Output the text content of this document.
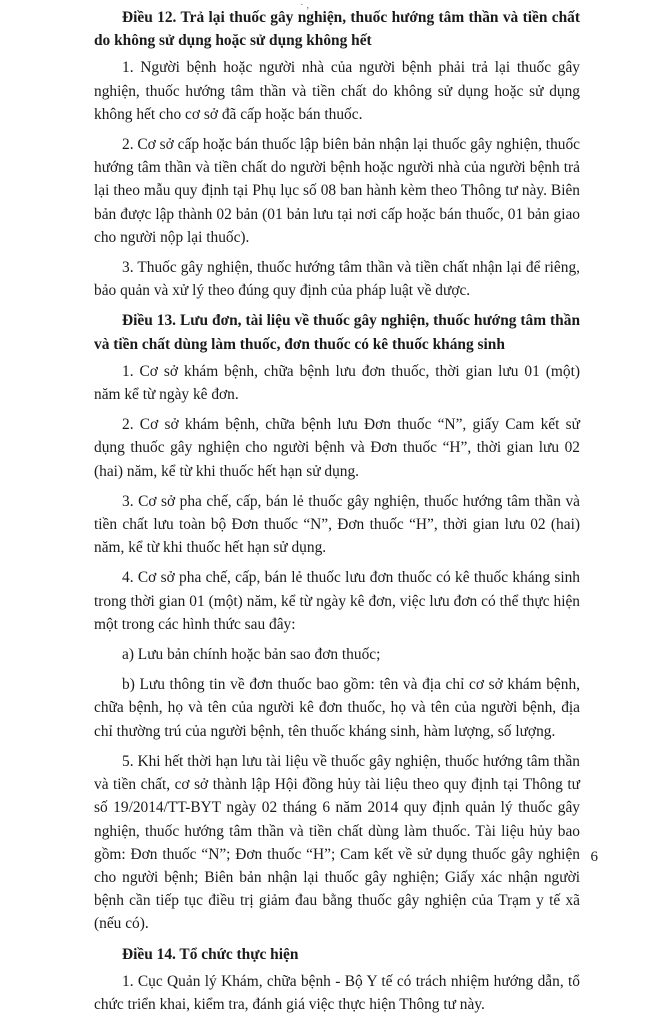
· ,
Điều 12. Trả lại thuốc gây nghiện, thuốc hướng tâm thần và tiền chất do không sử dụng hoặc sử dụng không hết

1. Người bệnh hoặc người nhà của người bệnh phải trả lại thuốc gây nghiện, thuốc hướng tâm thần và tiền chất do không sử dụng hoặc sử dụng không hết cho cơ sở đã cấp hoặc bán thuốc.

2. Cơ sở cấp hoặc bán thuốc lập biên bản nhận lại thuốc gây nghiện, thuốc hướng tâm thần và tiền chất do người bệnh hoặc người nhà của người bệnh trả lại theo mẫu quy định tại Phụ lục số 08 ban hành kèm theo Thông tư này. Biên bản được lập thành 02 bản (01 bản lưu tại nơi cấp hoặc bán thuốc, 01 bản giao cho người nộp lại thuốc).

3. Thuốc gây nghiện, thuốc hướng tâm thần và tiền chất nhận lại để riêng, bảo quản và xử lý theo đúng quy định của pháp luật về dược.

Điều 13. Lưu đơn, tài liệu về thuốc gây nghiện, thuốc hướng tâm thần và tiền chất dùng làm thuốc, đơn thuốc có kê thuốc kháng sinh

1. Cơ sở khám bệnh, chữa bệnh lưu đơn thuốc, thời gian lưu 01 (một) năm kể từ ngày kê đơn.

2. Cơ sở khám bệnh, chữa bệnh lưu Đơn thuốc “N”, giấy Cam kết sử dụng thuốc gây nghiện cho người bệnh và Đơn thuốc “H”, thời gian lưu 02 (hai) năm, kể từ khi thuốc hết hạn sử dụng.

3. Cơ sở pha chế, cấp, bán lẻ thuốc gây nghiện, thuốc hướng tâm thần và tiền chất lưu toàn bộ Đơn thuốc “N”, Đơn thuốc “H”, thời gian lưu 02 (hai) năm, kể từ khi thuốc hết hạn sử dụng.

4. Cơ sở pha chế, cấp, bán lẻ thuốc lưu đơn thuốc có kê thuốc kháng sinh trong thời gian 01 (một) năm, kể từ ngày kê đơn, việc lưu đơn có thể thực hiện một trong các hình thức sau đây:

a) Lưu bản chính hoặc bản sao đơn thuốc;

b) Lưu thông tin về đơn thuốc bao gồm: tên và địa chỉ cơ sở khám bệnh, chữa bệnh, họ và tên của người kê đơn thuốc, họ và tên của người bệnh, địa chỉ thường trú của người bệnh, tên thuốc kháng sinh, hàm lượng, số lượng.

5. Khi hết thời hạn lưu tài liệu về thuốc gây nghiện, thuốc hướng tâm thần và tiền chất, cơ sở thành lập Hội đồng hủy tài liệu theo quy định tại Thông tư số 19/2014/TT-BYT ngày 02 tháng 6 năm 2014 quy định quản lý thuốc gây nghiện, thuốc hướng tâm thần và tiền chất dùng làm thuốc. Tài liệu hủy bao gồm: Đơn thuốc “N”; Đơn thuốc “H”; Cam kết về sử dụng thuốc gây nghiện cho người bệnh; Biên bản nhận lại thuốc gây nghiện; Giấy xác nhận người bệnh cần tiếp tục điều trị giảm đau bằng thuốc gây nghiện của Trạm y tế xã (nếu có).

Điều 14. Tổ chức thực hiện

1. Cục Quản lý Khám, chữa bệnh - Bộ Y tế có trách nhiệm hướng dẫn, tổ chức triển khai, kiểm tra, đánh giá việc thực hiện Thông tư này.

6
